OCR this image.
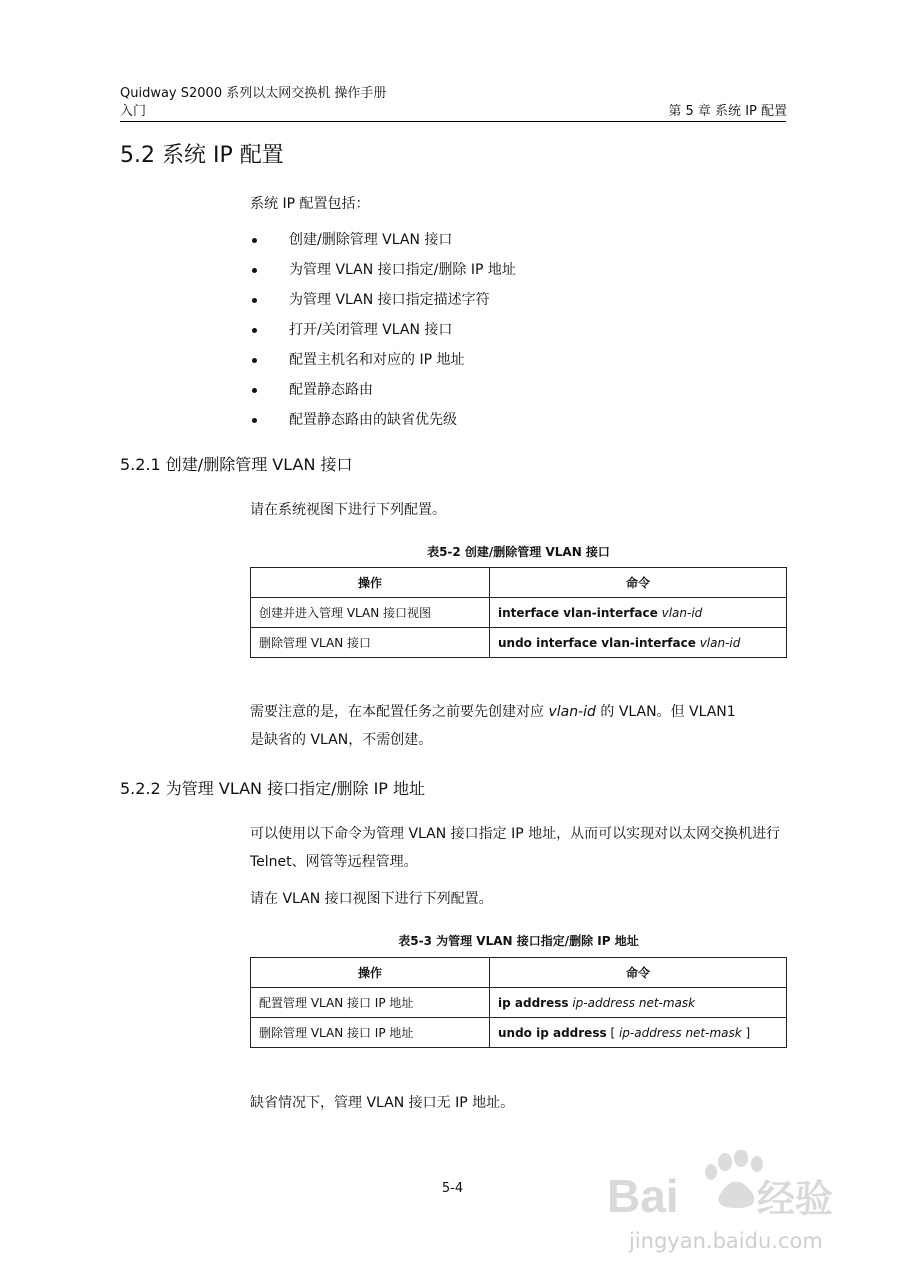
Quidway S2000 系列以太网交换机 操作手册
入门	第 5 章 系统 IP 配置
5.2 系统 IP 配置
系统 IP 配置包括：
创建/删除管理 VLAN 接口
为管理 VLAN 接口指定/删除 IP 地址
为管理 VLAN 接口指定描述字符
打开/关闭管理 VLAN 接口
配置主机名和对应的 IP 地址
配置静态路由
配置静态路由的缺省优先级
5.2.1 创建/删除管理 VLAN 接口
请在系统视图下进行下列配置。
表5-2 创建/删除管理 VLAN 接口
操作	命令
创建并进入管理 VLAN 接口视图	interface vlan-interface vlan-id
删除管理 VLAN 接口	undo interface vlan-interface vlan-id
需要注意的是，在本配置任务之前要先创建对应 vlan-id 的 VLAN。但 VLAN1
是缺省的 VLAN，不需创建。
5.2.2 为管理 VLAN 接口指定/删除 IP 地址
可以使用以下命令为管理 VLAN 接口指定 IP 地址，从而可以实现对以太网交换机进行 Telnet、网管等远程管理。
请在 VLAN 接口视图下进行下列配置。
表5-3 为管理 VLAN 接口指定/删除 IP 地址
操作	命令
配置管理 VLAN 接口 IP 地址	ip address ip-address net-mask
删除管理 VLAN 接口 IP 地址	undo ip address [ ip-address net-mask ]
缺省情况下，管理 VLAN 接口无 IP 地址。
5-4	Bai 经验
jingyan.baidu.com
